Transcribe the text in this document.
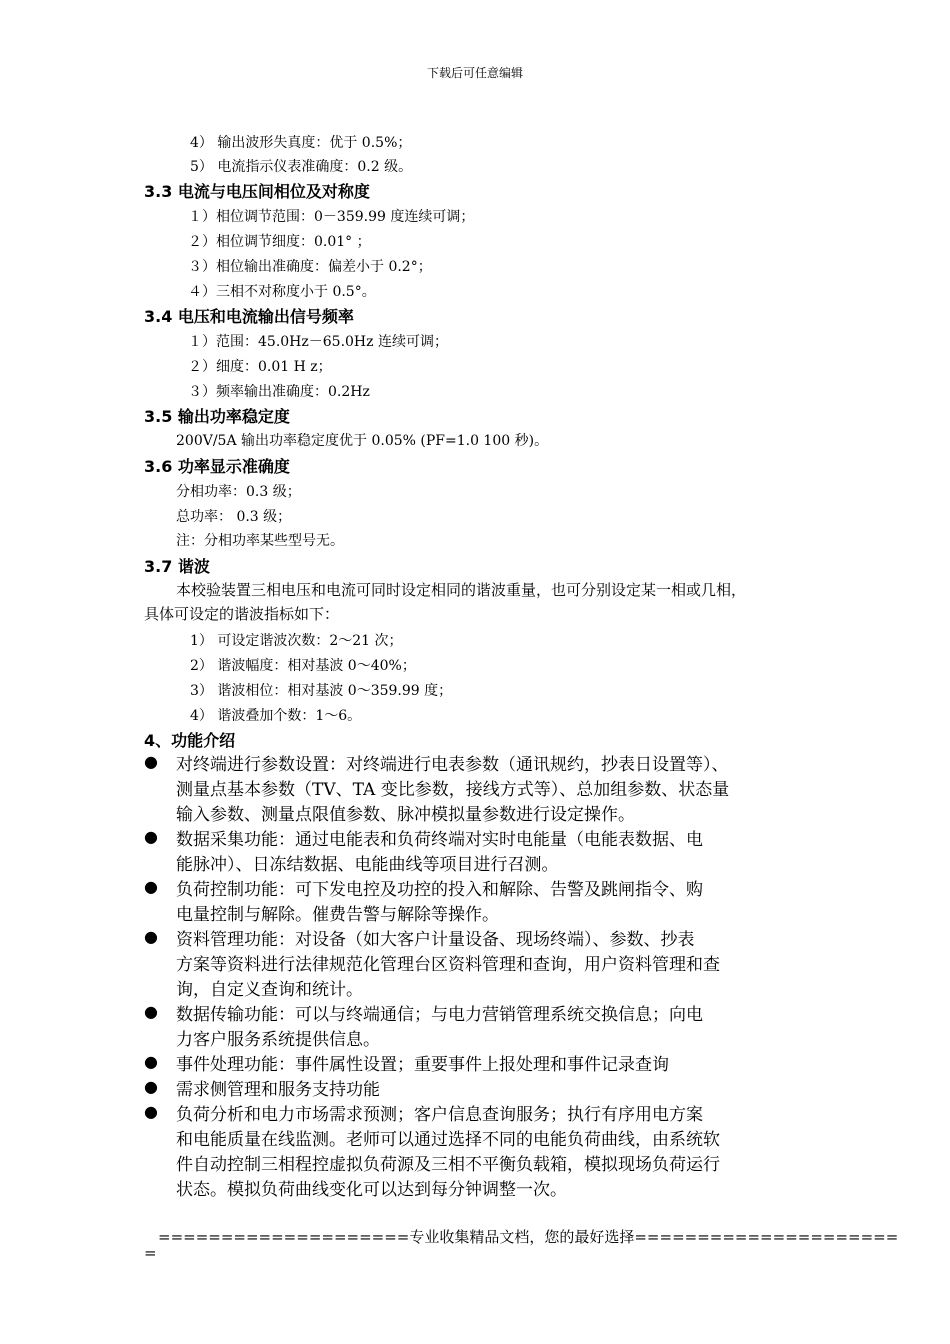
下载后可任意编辑
4） 输出波形失真度：优于 0.5%；
5） 电流指示仪表准确度：0.2 级。
3.3 电流与电压间相位及对称度
１）相位调节范围：0－359.99 度连续可调；
２）相位调节细度：0.01° ；
３）相位输出准确度：偏差小于 0.2°；
４）三相不对称度小于 0.5°。
3.4 电压和电流输出信号频率
１）范围：45.0Hz－65.0Hz 连续可调；
２）细度：0.01 H z；
３）频率输出准确度：0.2Hz
3.5 输出功率稳定度
200V/5A 输出功率稳定度优于 0.05% (PF=1.0 100 秒)。
3.6 功率显示准确度
分相功率：0.3 级；
总功率： 0.3 级；
注：分相功率某些型号无。
3.7 谐波
本校验装置三相电压和电流可同时设定相同的谐波重量，也可分别设定某一相或几相，
具体可设定的谐波指标如下：
1） 可设定谐波次数：2～21 次；
2） 谐波幅度：相对基波 0～40%；
3） 谐波相位：相对基波 0～359.99 度；
4） 谐波叠加个数：1～6。
4、功能介绍
● 对终端进行参数设置：对终端进行电表参数（通讯规约，抄表日设置等）、
测量点基本参数（TV、TA 变比参数，接线方式等）、总加组参数、状态量
输入参数、测量点限值参数、脉冲模拟量参数进行设定操作。
● 数据采集功能：通过电能表和负荷终端对实时电能量（电能表数据、电
能脉冲）、日冻结数据、电能曲线等项目进行召测。
● 负荷控制功能：可下发电控及功控的投入和解除、告警及跳闸指令、购
电量控制与解除。催费告警与解除等操作。
● 资料管理功能：对设备（如大客户计量设备、现场终端）、参数、抄表
方案等资料进行法律规范化管理台区资料管理和查询，用户资料管理和查
询，自定义查询和统计。
● 数据传输功能：可以与终端通信；与电力营销管理系统交换信息；向电
力客户服务系统提供信息。
● 事件处理功能：事件属性设置；重要事件上报处理和事件记录查询
● 需求侧管理和服务支持功能
● 负荷分析和电力市场需求预测；客户信息查询服务；执行有序用电方案
和电能质量在线监测。老师可以通过选择不同的电能负荷曲线，由系统软
件自动控制三相程控虚拟负荷源及三相不平衡负载箱，模拟现场负荷运行
状态。模拟负荷曲线变化可以达到每分钟调整一次。
====================专业收集精品文档，您的最好选择=====================
=
